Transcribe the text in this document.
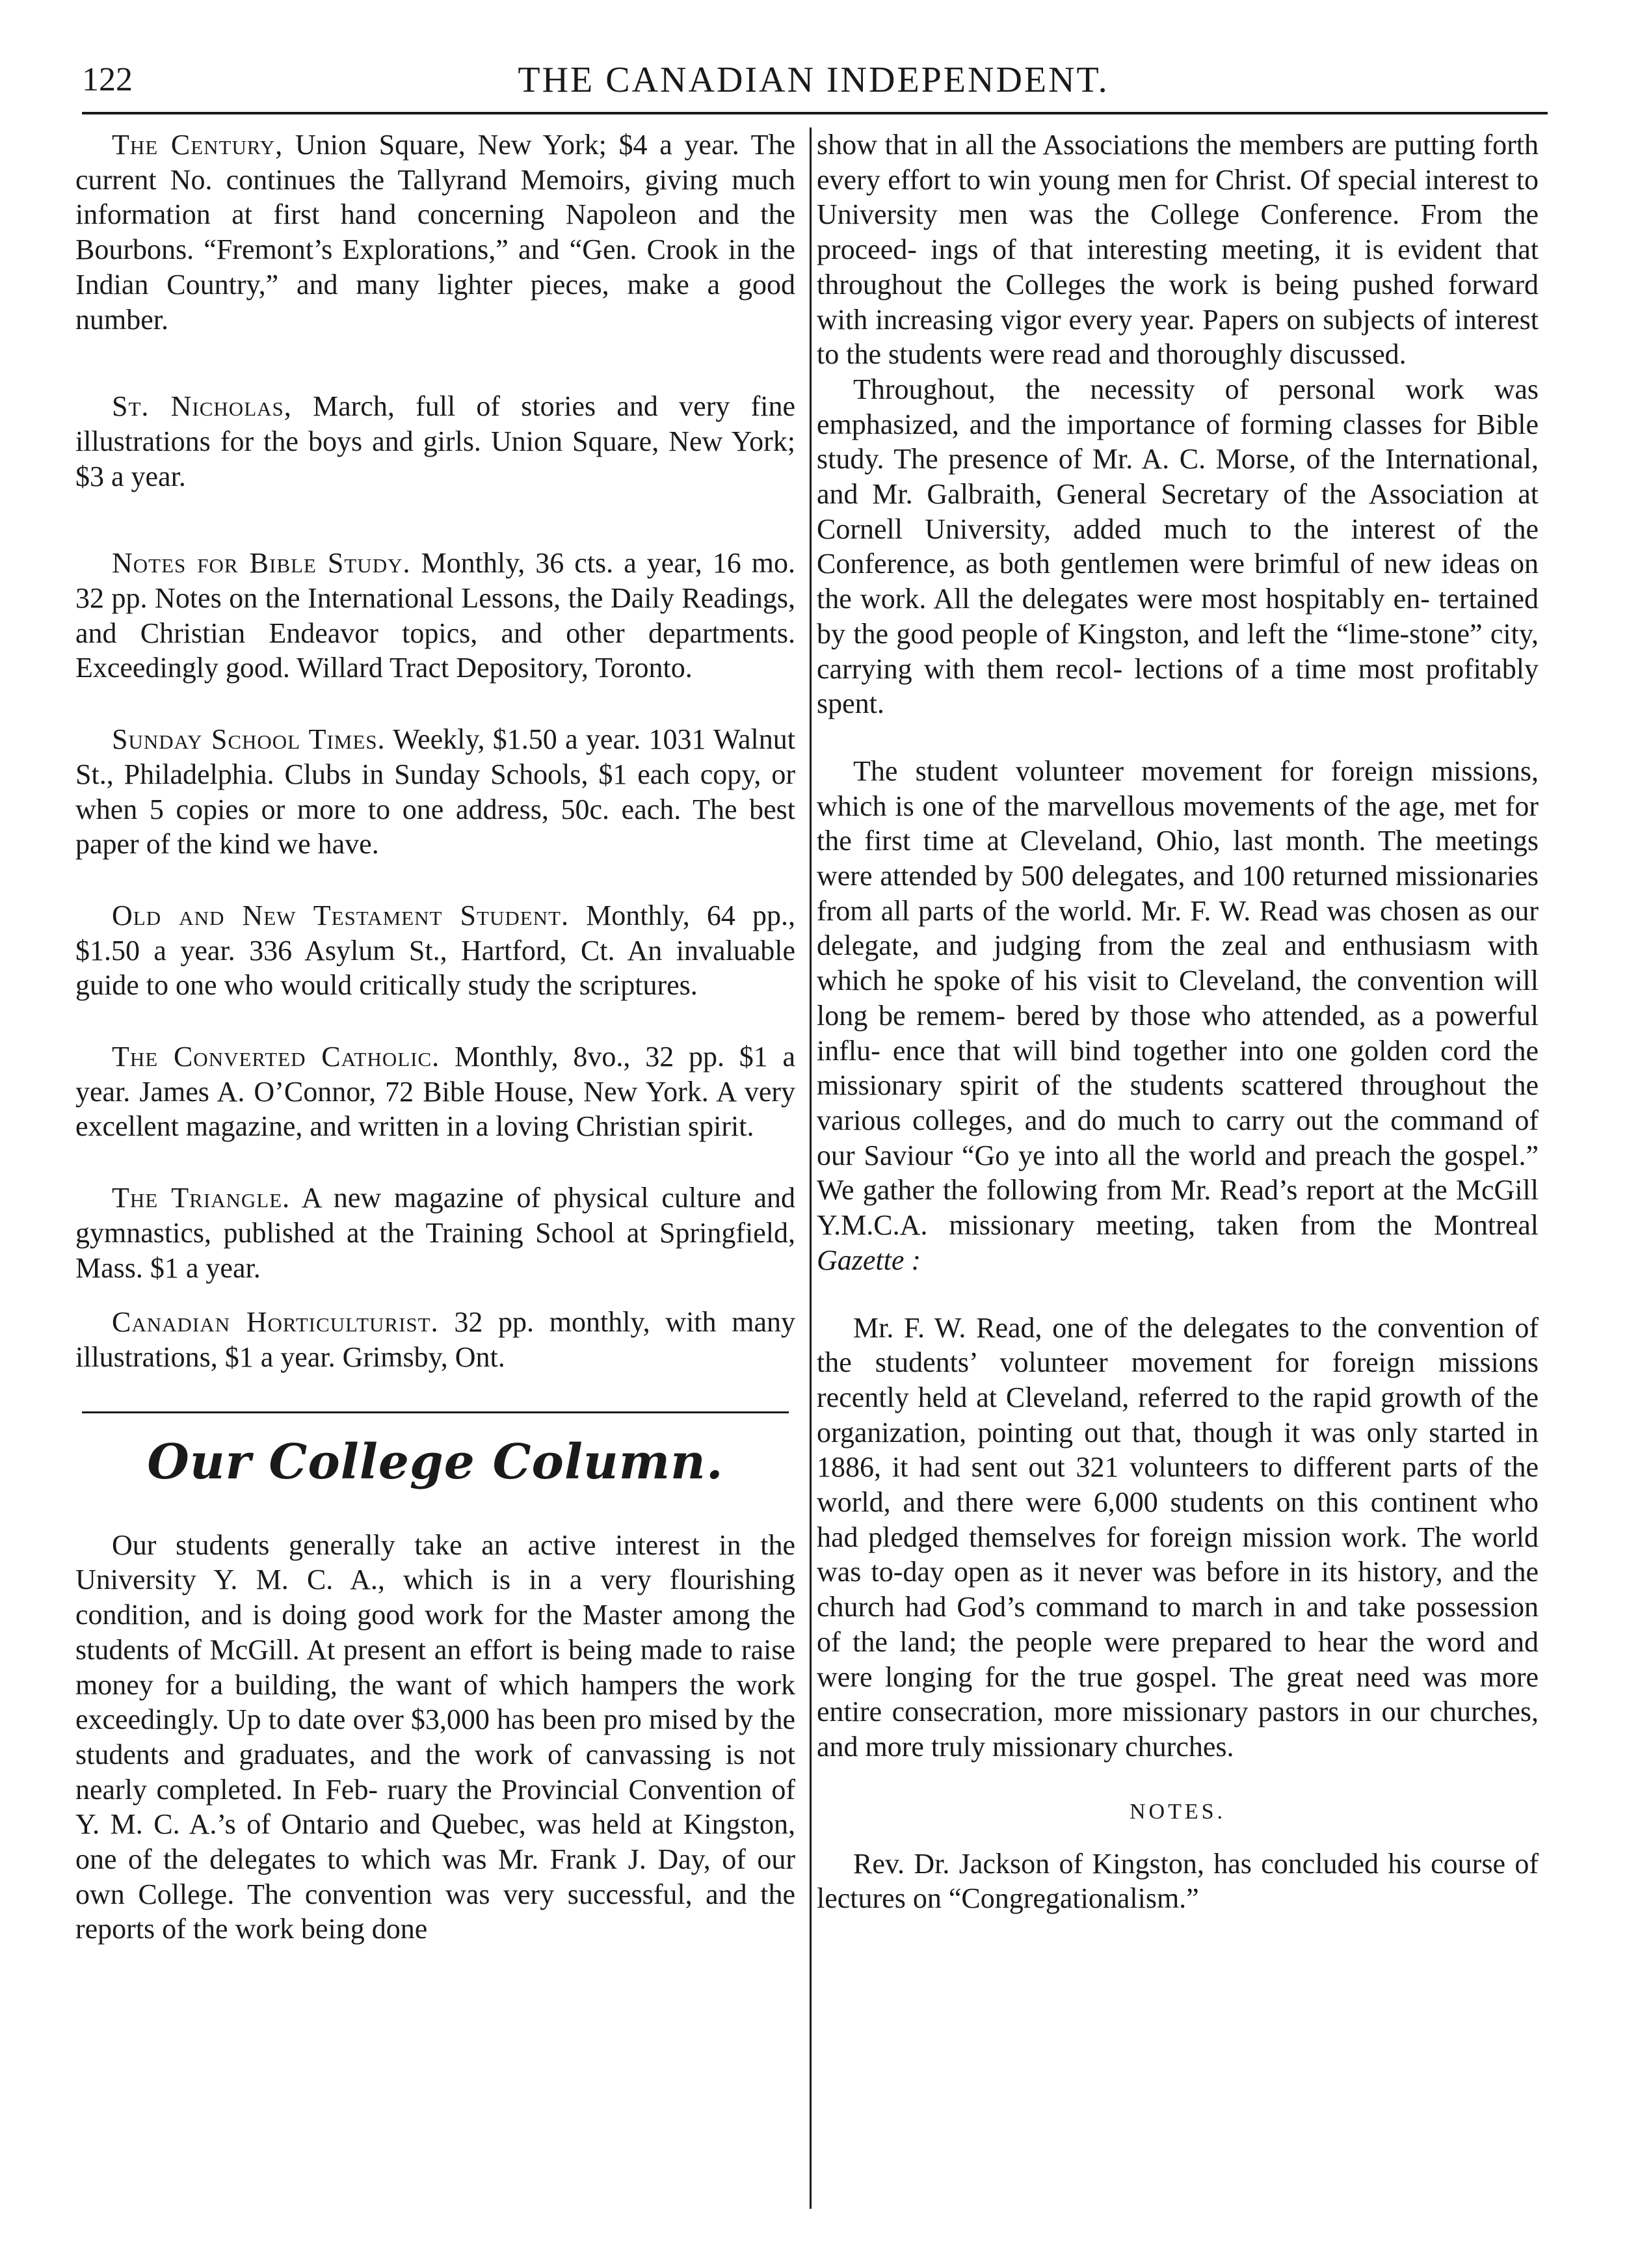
122	THE CANADIAN INDEPENDENT.

The Century, Union Square, New York; $4 a year. The current No. continues the Tallyrand Memoirs, giving much information at first hand concerning Napoleon and the Bourbons. “Fremont’s Explorations,” and “Gen. Crook in the Indian Country,” and many lighter pieces, make a good number.

St. Nicholas, March, full of stories and very fine illustrations for the boys and girls. Union Square, New York; $3 a year.

Notes for Bible Study. Monthly, 36 cts. a year, 16 mo. 32 pp. Notes on the International Lessons, the Daily Readings, and Christian Endeavor topics, and other departments. Exceedingly good. Willard Tract Depository, Toronto.

Sunday School Times. Weekly, $1.50 a year. 1031 Walnut St., Philadelphia. Clubs in Sunday Schools, $1 each copy, or when 5 copies or more to one address, 50c. each. The best paper of the kind we have.

Old and New Testament Student. Monthly, 64 pp., $1.50 a year. 336 Asylum St., Hartford, Ct. An invaluable guide to one who would critically study the scriptures.

The Converted Catholic. Monthly, 8vo., 32 pp. $1 a year. James A. O’Connor, 72 Bible House, New York. A very excellent magazine, and written in a loving Christian spirit.

The Triangle. A new magazine of physical culture and gymnastics, published at the Training School at Springfield, Mass. $1 a year.

Canadian Horticulturist. 32 pp. monthly, with many illustrations, $1 a year. Grimsby, Ont.

Our College Column.

Our students generally take an active interest in the University Y. M. C. A., which is in a very flourishing condition, and is doing good work for the Master among the students of McGill. At present an effort is being made to raise money for a building, the want of which hampers the work exceedingly. Up to date over $3,000 has been pro mised by the students and graduates, and the work of canvassing is not nearly completed. In Feb- ruary the Provincial Convention of Y. M. C. A.’s of Ontario and Quebec, was held at Kingston, one of the delegates to which was Mr. Frank J. Day, of our own College. The convention was very successful, and the reports of the work being done

show that in all the Associations the members are putting forth every effort to win young men for Christ. Of special interest to University men was the College Conference. From the proceed- ings of that interesting meeting, it is evident that throughout the Colleges the work is being pushed forward with increasing vigor every year. Papers on subjects of interest to the students were read and thoroughly discussed.

Throughout, the necessity of personal work was emphasized, and the importance of forming classes for Bible study. The presence of Mr. A. C. Morse, of the International, and Mr. Galbraith, General Secretary of the Association at Cornell University, added much to the interest of the Conference, as both gentlemen were brimful of new ideas on the work. All the delegates were most hospitably en- tertained by the good people of Kingston, and left the “lime-stone” city, carrying with them recol- lections of a time most profitably spent.

The student volunteer movement for foreign missions, which is one of the marvellous movements of the age, met for the first time at Cleveland, Ohio, last month. The meetings were attended by 500 delegates, and 100 returned missionaries from all parts of the world. Mr. F. W. Read was chosen as our delegate, and judging from the zeal and enthusiasm with which he spoke of his visit to Cleveland, the convention will long be remem- bered by those who attended, as a powerful influ- ence that will bind together into one golden cord the missionary spirit of the students scattered throughout the various colleges, and do much to carry out the command of our Saviour “Go ye into all the world and preach the gospel.” We gather the following from Mr. Read’s report at the McGill Y.M.C.A. missionary meeting, taken from the Montreal Gazette :

Mr. F. W. Read, one of the delegates to the convention of the students’ volunteer movement for foreign missions recently held at Cleveland, referred to the rapid growth of the organization, pointing out that, though it was only started in 1886, it had sent out 321 volunteers to different parts of the world, and there were 6,000 students on this continent who had pledged themselves for foreign mission work. The world was to-day open as it never was before in its history, and the church had God’s command to march in and take possession of the land; the people were prepared to hear the word and were longing for the true gospel. The great need was more entire consecration, more missionary pastors in our churches, and more truly missionary churches.

NOTES.

Rev. Dr. Jackson of Kingston, has concluded his course of lectures on “Congregationalism.”
